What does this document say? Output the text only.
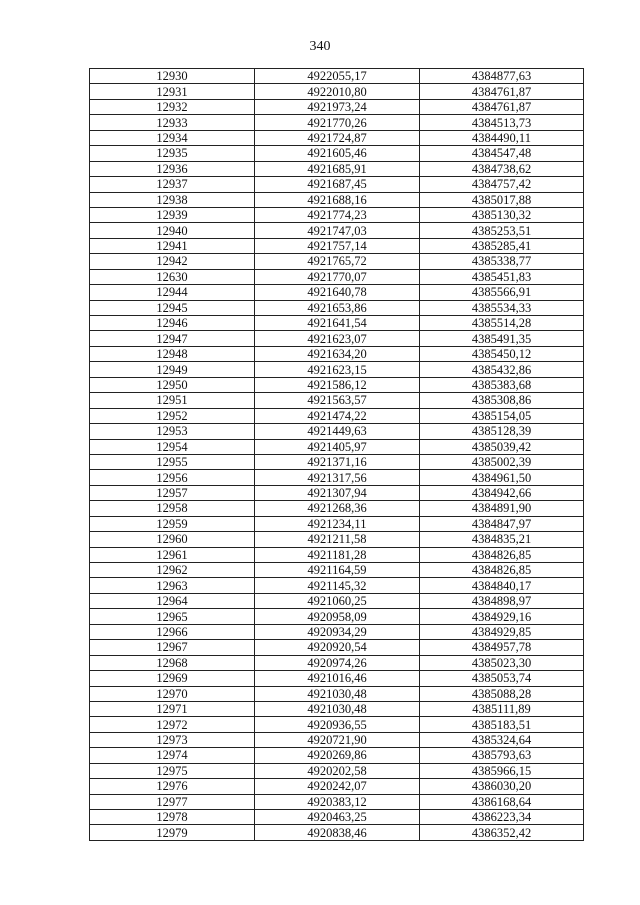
340
12930	4922055,17	4384877,63
12931	4922010,80	4384761,87
12932	4921973,24	4384761,87
12933	4921770,26	4384513,73
12934	4921724,87	4384490,11
12935	4921605,46	4384547,48
12936	4921685,91	4384738,62
12937	4921687,45	4384757,42
12938	4921688,16	4385017,88
12939	4921774,23	4385130,32
12940	4921747,03	4385253,51
12941	4921757,14	4385285,41
12942	4921765,72	4385338,77
12630	4921770,07	4385451,83
12944	4921640,78	4385566,91
12945	4921653,86	4385534,33
12946	4921641,54	4385514,28
12947	4921623,07	4385491,35
12948	4921634,20	4385450,12
12949	4921623,15	4385432,86
12950	4921586,12	4385383,68
12951	4921563,57	4385308,86
12952	4921474,22	4385154,05
12953	4921449,63	4385128,39
12954	4921405,97	4385039,42
12955	4921371,16	4385002,39
12956	4921317,56	4384961,50
12957	4921307,94	4384942,66
12958	4921268,36	4384891,90
12959	4921234,11	4384847,97
12960	4921211,58	4384835,21
12961	4921181,28	4384826,85
12962	4921164,59	4384826,85
12963	4921145,32	4384840,17
12964	4921060,25	4384898,97
12965	4920958,09	4384929,16
12966	4920934,29	4384929,85
12967	4920920,54	4384957,78
12968	4920974,26	4385023,30
12969	4921016,46	4385053,74
12970	4921030,48	4385088,28
12971	4921030,48	4385111,89
12972	4920936,55	4385183,51
12973	4920721,90	4385324,64
12974	4920269,86	4385793,63
12975	4920202,58	4385966,15
12976	4920242,07	4386030,20
12977	4920383,12	4386168,64
12978	4920463,25	4386223,34
12979	4920838,46	4386352,42
